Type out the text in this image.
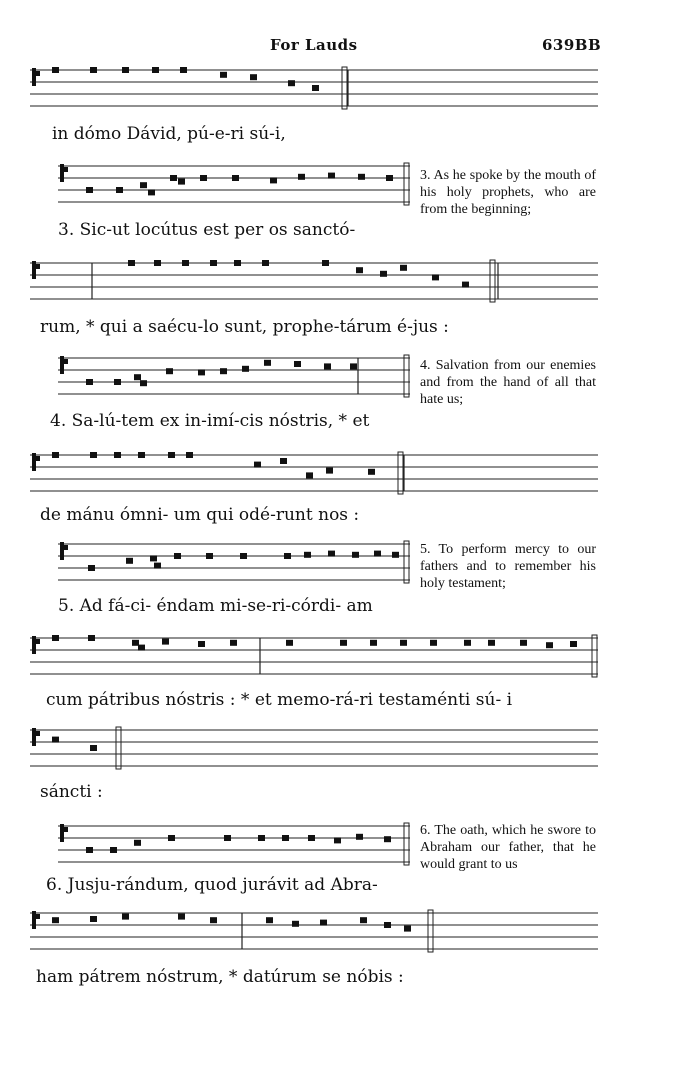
For Lauds	639BB
in dómo Dávid, pú-e-ri sú-i,
3. Sic-ut locútus est per os sanctó-
rum, * qui a saécu-lo sunt, prophe-tárum é-jus :
4. Sa-lú-tem ex in-imí-cis nóstris, * et
de mánu ómni- um qui odé-runt nos :
5. Ad fá-ci- éndam mi-se-ri-córdi- am
cum pátribus nóstris : * et memo-rá-ri testaménti sú- i
sáncti :
6. Jusju-rándum, quod jurávit ad Abra-
ham pátrem nóstrum, * datúrum se nóbis :
3. As he spoke by the mouth of his holy prophets, who are from the beginning;
4. Salvation from our enemies and from the hand of all that hate us;
5. To perform mercy to our fathers and to remember his holy testament;
6. The oath, which he swore to Abraham our father, that he would grant to us
